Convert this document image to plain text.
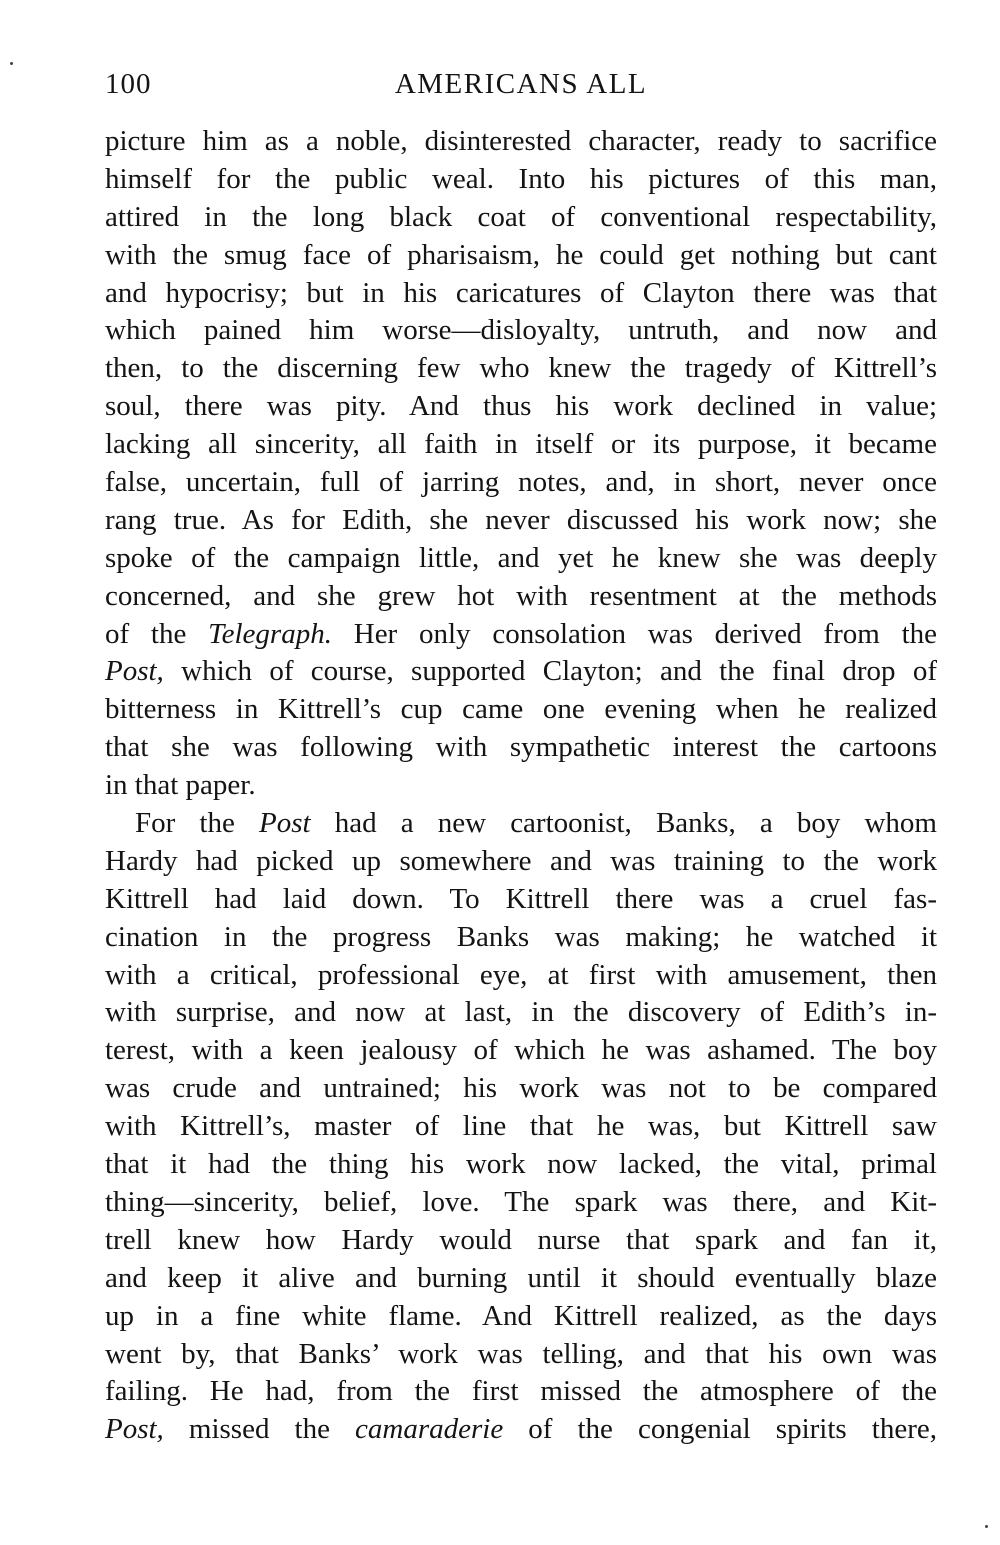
100	AMERICANS ALL
picture him as a noble, disinterested character, ready to sacrifice
himself for the public weal. Into his pictures of this man,
attired in the long black coat of conventional respectability,
with the smug face of pharisaism, he could get nothing but cant
and hypocrisy; but in his caricatures of Clayton there was that
which pained him worse—disloyalty, untruth, and now and
then, to the discerning few who knew the tragedy of Kittrell’s
soul, there was pity. And thus his work declined in value;
lacking all sincerity, all faith in itself or its purpose, it became
false, uncertain, full of jarring notes, and, in short, never once
rang true. As for Edith, she never discussed his work now; she
spoke of the campaign little, and yet he knew she was deeply
concerned, and she grew hot with resentment at the methods
of the Telegraph. Her only consolation was derived from the
Post, which of course, supported Clayton; and the final drop of
bitterness in Kittrell’s cup came one evening when he realized
that she was following with sympathetic interest the cartoons
in that paper.
For the Post had a new cartoonist, Banks, a boy whom
Hardy had picked up somewhere and was training to the work
Kittrell had laid down. To Kittrell there was a cruel fas-
cination in the progress Banks was making; he watched it
with a critical, professional eye, at first with amusement, then
with surprise, and now at last, in the discovery of Edith’s in-
terest, with a keen jealousy of which he was ashamed. The boy
was crude and untrained; his work was not to be compared
with Kittrell’s, master of line that he was, but Kittrell saw
that it had the thing his work now lacked, the vital, primal
thing—sincerity, belief, love. The spark was there, and Kit-
trell knew how Hardy would nurse that spark and fan it,
and keep it alive and burning until it should eventually blaze
up in a fine white flame. And Kittrell realized, as the days
went by, that Banks’ work was telling, and that his own was
failing. He had, from the first missed the atmosphere of the
Post, missed the camaraderie of the congenial spirits there,
